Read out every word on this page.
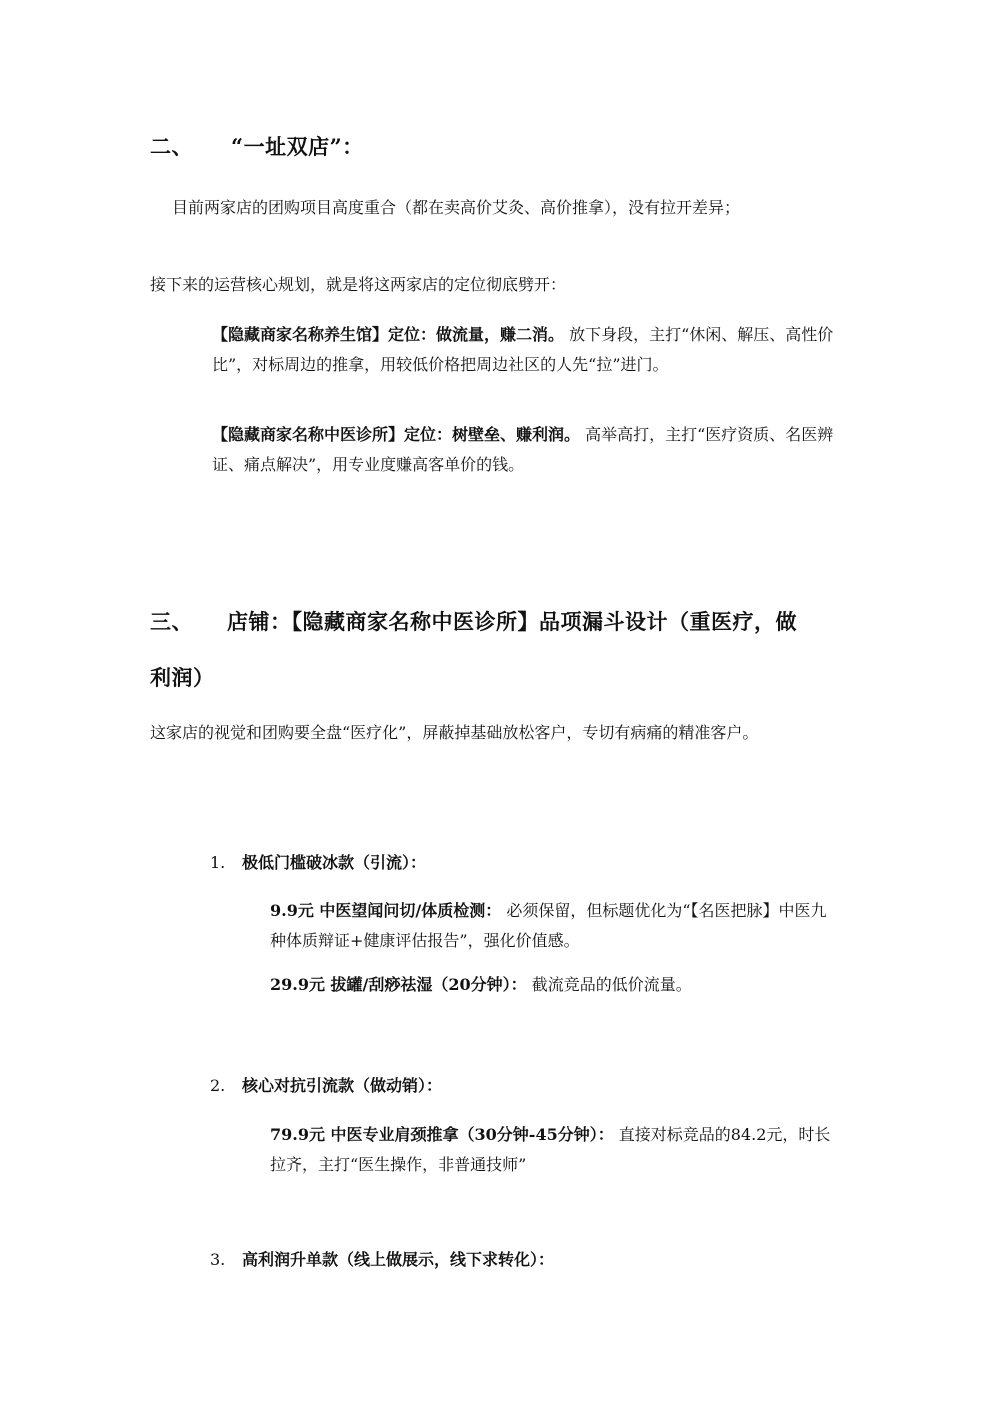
二、 “一址双店”：
目前两家店的团购项目高度重合（都在卖高价艾灸、高价推拿），没有拉开差异；
接下来的运营核心规划，就是将这两家店的定位彻底劈开：
【隐藏商家名称养生馆】定位：做流量，赚二消。 放下身段，主打“休闲、解压、高性价比”，对标周边的推拿，用较低价格把周边社区的人先“拉”进门。
【隐藏商家名称中医诊所】定位：树壁垒、赚利润。 高举高打，主打“医疗资质、名医辨证、痛点解决”，用专业度赚高客单价的钱。
三、 店铺：【隐藏商家名称中医诊所】品项漏斗设计（重医疗，做
利润）
这家店的视觉和团购要全盘“医疗化”，屏蔽掉基础放松客户，专切有病痛的精准客户。
1. 极低门槛破冰款（引流）：
9.9元 中医望闻问切/体质检测： 必须保留，但标题优化为“【名医把脉】中医九种体质辩证+健康评估报告”，强化价值感。
29.9元 拔罐/刮痧祛湿（20分钟）： 截流竞品的低价流量。
2. 核心对抗引流款（做动销）：
79.9元 中医专业肩颈推拿（30分钟-45分钟）： 直接对标竞品的84.2元，时长拉齐，主打“医生操作，非普通技师”
3. 高利润升单款（线上做展示，线下求转化）：
